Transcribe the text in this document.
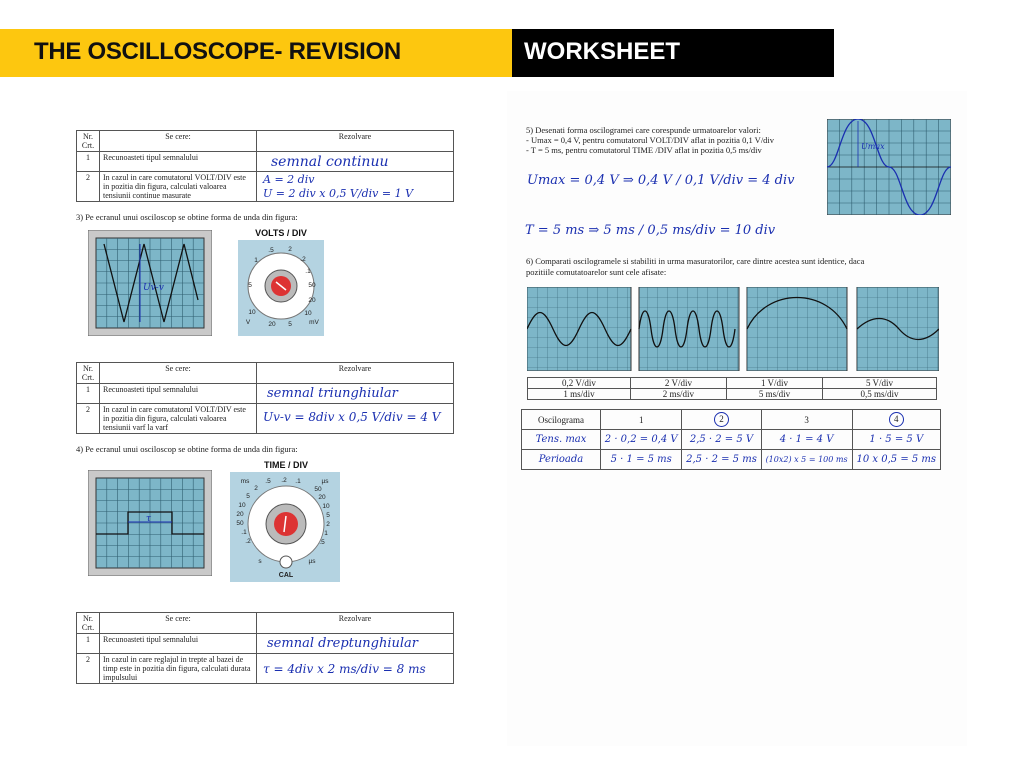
THE OSCILLOSCOPE- REVISION	WORKSHEET
Nr.
Crt.	Se cere:	Rezolvare
1	Recunoasteti tipul semnalului	semnal continuu

2	In cazul in care comutatorul VOLT/DIV este in pozitia din figura, calculati valoarea tensiunii continue masurate	A = 2 div
U = 2 div x 0,5 V/div = 1 V
3) Pe ecranul unui osciloscop se obtine forma de unda din figura:
Uv-v
VOLTS / DIV
.5 2
1	.2
.1
50
5
20
10
V	20 5
10
mV
Nr.
Crt.	Se cere:	Rezolvare
1	Recunoasteti tipul semnalului	semnal triunghiular

2	In cazul in care comutatorul VOLT/DIV este in pozitia din figura, calculati valoarea tensiunii varf la varf	Uv-v = 8div x 0,5 V/div = 4 V
4) Pe ecranul unui osciloscop se obtine forma de unda din figura:
τ
TIME / DIV
ms .5 .2 .1	µs
2	50
5	20
10	10
20	5
50	2
.1	1
.2	.5
s	µs
CAL
Nr.
Crt.	Se cere:	Rezolvare
1	Recunoasteti tipul semnalului	semnal dreptunghiular

2	In cazul in care reglajul in trepte al bazei de timp este in pozitia din figura, calculati durata impulsului	τ = 4div x 2 ms/div = 8 ms
5) Desenati forma oscilogramei care corespunde urmatoarelor valori:
- Umax = 0,4 V, pentru comutatorul VOLT/DIV aflat in pozitia 0,1 V/div
- T = 5 ms, pentru comutatorul TIME /DIV aflat in pozitia 0,5 ms/div	Umax
Umax = 0,4 V ⇒ 0,4 V / 0,1 V/div = 4 div
T = 5 ms ⇒ 5 ms / 0,5 ms/div = 10 div
6) Comparati oscilogramele si stabiliti in urma masuratorilor, care dintre acestea sunt identice, daca
pozitiile comutatoarelor sunt cele afisate:
0,2 V/div	2 V/div	1 V/div	5 V/div
1 ms/div	2 ms/div	5 ms/div	0,5 ms/div
Oscilograma	1	2	3	4
Tens. max	2 · 0,2 = 0,4 V	2,5 · 2 = 5 V	4 · 1 = 4 V	1 · 5 = 5 V
Perioada	5 · 1 = 5 ms	2,5 · 2 = 5 ms	(10x2) x 5 = 100 ms	10 x 0,5 = 5 ms
